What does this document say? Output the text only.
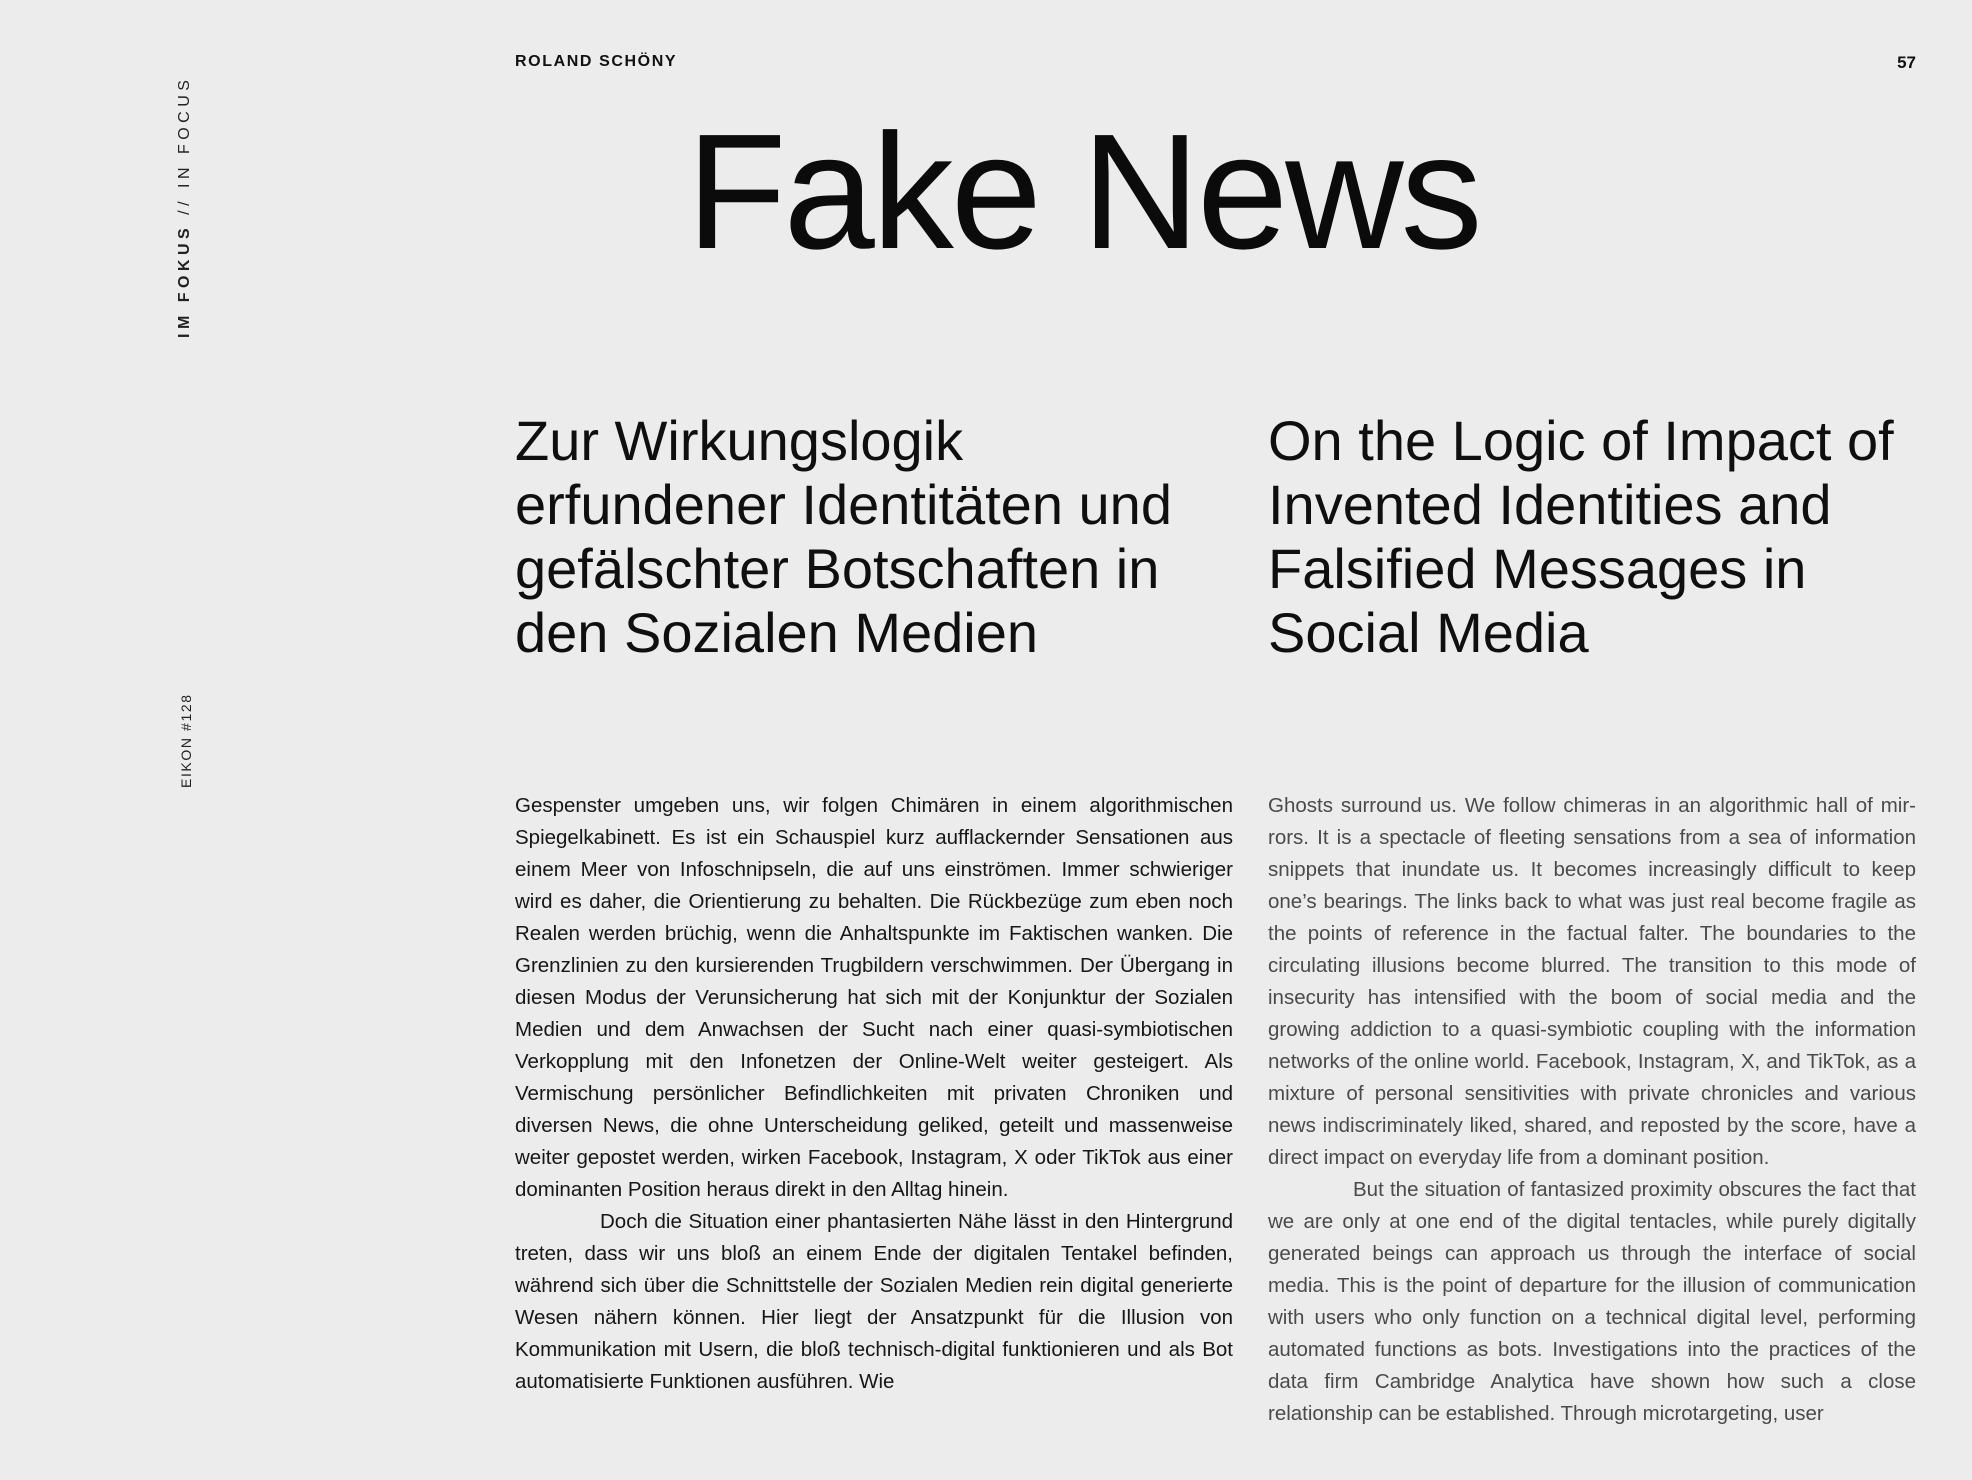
IM FOKUS // IN FOCUS
EIKON #128
ROLAND SCHÖNY	57
Fake News
Zur Wirkungslogik erfundener Identitäten und gefälschter Botschaften in den Sozialen Medien
On the Logic of Impact of Invented Identities and Falsified Messages in Social Media

Gespenster umgeben uns, wir folgen Chimären in einem algorithmischen Spiegelkabinett. Es ist ein Schauspiel kurz aufflackernder Sensationen aus einem Meer von Infoschnipseln, die auf uns einströmen. Immer schwieriger wird es daher, die Orientierung zu behalten. Die Rückbezüge zum eben noch Realen werden brüchig, wenn die Anhaltspunkte im Faktischen wanken. Die Grenzlinien zu den kursierenden Trugbildern verschwimmen. Der Übergang in diesen Modus der Verunsicherung hat sich mit der Konjunktur der Sozialen Medien und dem Anwachsen der Sucht nach einer quasi-symbiotischen Verkopplung mit den Infonetzen der Online-Welt weiter gesteigert. Als Vermischung persönlicher Befindlichkeiten mit privaten Chroniken und diversen News, die ohne Unterscheidung geliked, geteilt und massenweise weiter gepostet werden, wirken Facebook, Instagram, X oder TikTok aus einer dominanten Position heraus direkt in den Alltag hinein.

Doch die Situation einer phantasierten Nähe lässt in den Hintergrund treten, dass wir uns bloß an einem Ende der digitalen Tentakel befinden, während sich über die Schnittstelle der Sozialen Medien rein digital generierte Wesen nähern können. Hier liegt der Ansatzpunkt für die Illusion von Kommunikation mit Usern, die bloß technisch-digital funktionieren und als Bot automatisierte Funktionen ausführen. Wie

Ghosts surround us. We follow chimeras in an algorithmic hall of mirrors. It is a spectacle of fleeting sensations from a sea of information snippets that inundate us. It becomes increasingly difficult to keep one’s bearings. The links back to what was just real become fragile as the points of reference in the factual falter. The boundaries to the circulating illusions become blurred. The transition to this mode of insecurity has intensified with the boom of social media and the growing addiction to a quasi-symbiotic coupling with the information networks of the online world. Facebook, Instagram, X, and TikTok, as a mixture of personal sensitivities with private chronicles and various news indiscriminately liked, shared, and reposted by the score, have a direct impact on everyday life from a dominant position.

But the situation of fantasized proximity obscures the fact that we are only at one end of the digital tentacles, while purely digitally generated beings can approach us through the interface of social media. This is the point of departure for the illusion of communication with users who only function on a technical digital level, performing automated functions as bots. Investigations into the practices of the data firm Cambridge Analytica have shown how such a close relationship can be established. Through microtargeting, user
